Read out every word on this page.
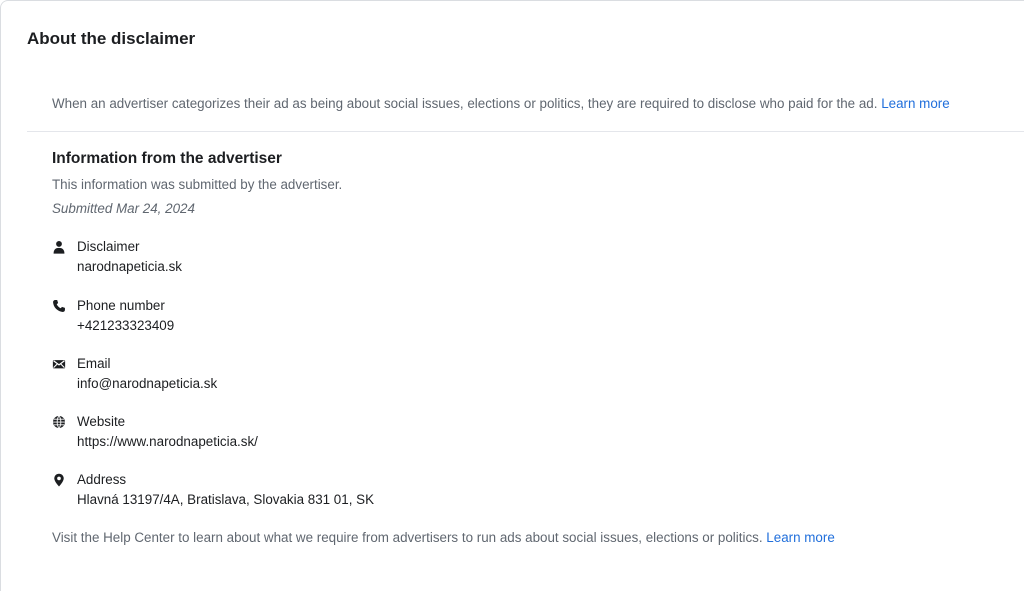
About the disclaimer
When an advertiser categorizes their ad as being about social issues, elections or politics, they are required to disclose who paid for the ad. Learn more
Information from the advertiser
This information was submitted by the advertiser.
Submitted Mar 24, 2024
Disclaimer
narodnapeticia.sk
Phone number
+421233323409
Email
info@narodnapeticia.sk
Website
https://www.narodnapeticia.sk/
Address
Hlavná 13197/4A, Bratislava, Slovakia 831 01, SK
Visit the Help Center to learn about what we require from advertisers to run ads about social issues, elections or politics. Learn more
